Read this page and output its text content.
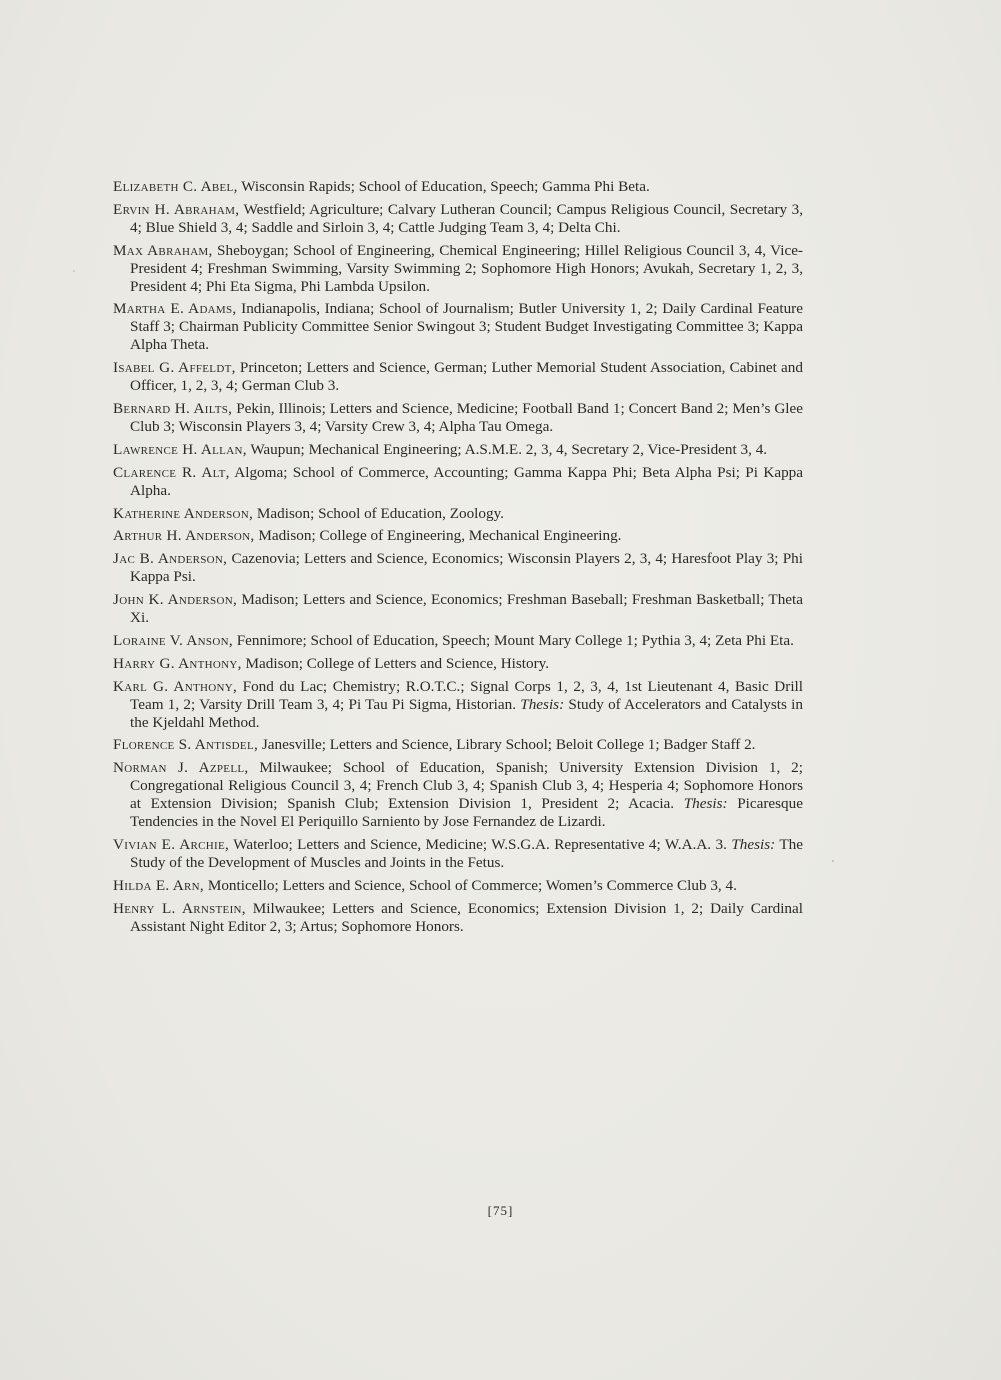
Elizabeth C. Abel, Wisconsin Rapids; School of Education, Speech; Gamma Phi Beta.

Ervin H. Abraham, Westfield; Agriculture; Calvary Lutheran Council; Campus Religious Council, Secretary 3, 4; Blue Shield 3, 4; Saddle and Sirloin 3, 4; Cattle Judging Team 3, 4; Delta Chi.

Max Abraham, Sheboygan; School of Engineering, Chemical Engineering; Hillel Religious Council 3, 4, Vice-President 4; Freshman Swimming, Varsity Swimming 2; Sophomore High Honors; Avukah, Secretary 1, 2, 3, President 4; Phi Eta Sigma, Phi Lambda Upsilon.

Martha E. Adams, Indianapolis, Indiana; School of Journalism; Butler University 1, 2; Daily Cardinal Feature Staff 3; Chairman Publicity Committee Senior Swingout 3; Student Budget Investigating Committee 3; Kappa Alpha Theta.

Isabel G. Affeldt, Princeton; Letters and Science, German; Luther Memorial Student Association, Cabinet and Officer, 1, 2, 3, 4; German Club 3.

Bernard H. Ailts, Pekin, Illinois; Letters and Science, Medicine; Football Band 1; Concert Band 2; Men’s Glee Club 3; Wisconsin Players 3, 4; Varsity Crew 3, 4; Alpha Tau Omega.

Lawrence H. Allan, Waupun; Mechanical Engineering; A.S.M.E. 2, 3, 4, Secretary 2, Vice-President 3, 4.

Clarence R. Alt, Algoma; School of Commerce, Accounting; Gamma Kappa Phi; Beta Alpha Psi; Pi Kappa Alpha.

Katherine Anderson, Madison; School of Education, Zoology.

Arthur H. Anderson, Madison; College of Engineering, Mechanical Engineering.

Jac B. Anderson, Cazenovia; Letters and Science, Economics; Wisconsin Players 2, 3, 4; Haresfoot Play 3; Phi Kappa Psi.

John K. Anderson, Madison; Letters and Science, Economics; Freshman Baseball; Freshman Basketball; Theta Xi.

Loraine V. Anson, Fennimore; School of Education, Speech; Mount Mary College 1; Pythia 3, 4; Zeta Phi Eta.

Harry G. Anthony, Madison; College of Letters and Science, History.

Karl G. Anthony, Fond du Lac; Chemistry; R.O.T.C.; Signal Corps 1, 2, 3, 4, 1st Lieutenant 4, Basic Drill Team 1, 2; Varsity Drill Team 3, 4; Pi Tau Pi Sigma, Historian. Thesis: Study of Accelerators and Catalysts in the Kjeldahl Method.

Florence S. Antisdel, Janesville; Letters and Science, Library School; Beloit College 1; Badger Staff 2.

Norman J. Azpell, Milwaukee; School of Education, Spanish; University Extension Division 1, 2; Congregational Religious Council 3, 4; French Club 3, 4; Spanish Club 3, 4; Hesperia 4; Sophomore Honors at Extension Division; Spanish Club; Extension Division 1, President 2; Acacia. Thesis: Picaresque Tendencies in the Novel El Periquillo Sarniento by Jose Fernandez de Lizardi.

Vivian E. Archie, Waterloo; Letters and Science, Medicine; W.S.G.A. Representative 4; W.A.A. 3. Thesis: The Study of the Development of Muscles and Joints in the Fetus.

Hilda E. Arn, Monticello; Letters and Science, School of Commerce; Women’s Commerce Club 3, 4.

Henry L. Arnstein, Milwaukee; Letters and Science, Economics; Extension Division 1, 2; Daily Cardinal Assistant Night Editor 2, 3; Artus; Sophomore Honors.

[75]
